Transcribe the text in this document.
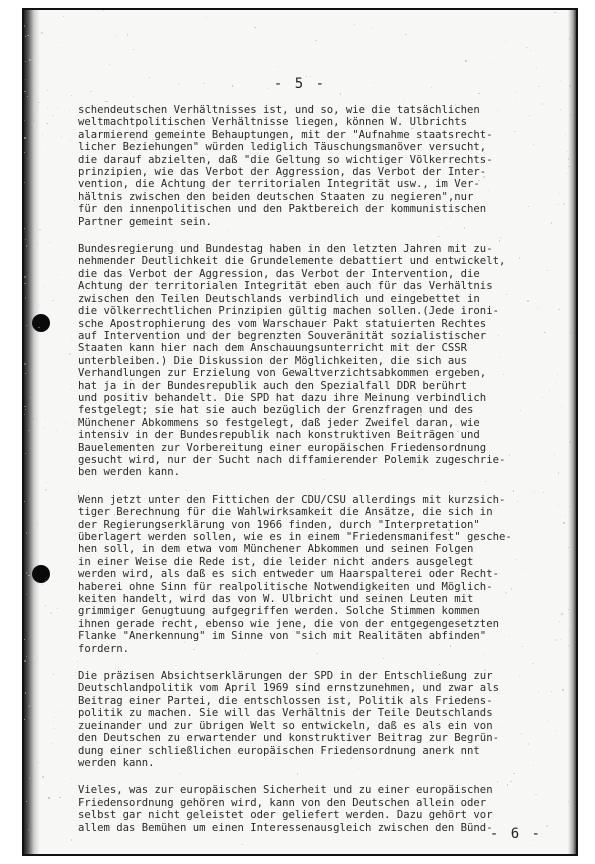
- 5 -

schendeutschen Verhältnisses ist, und so, wie die tatsächlichen
weltmachtpolitischen Verhältnisse liegen, können W. Ulbrichts
alarmierend gemeinte Behauptungen, mit der "Aufnahme staatsrecht-
licher Beziehungen" würden lediglich Täuschungsmanöver versucht,
die darauf abzielten, daß "die Geltung so wichtiger Völkerrechts-
prinzipien, wie das Verbot der Aggression, das Verbot der Inter-
vention, die Achtung der territorialen Integrität usw., im Ver-
hältnis zwischen den beiden deutschen Staaten zu negieren",nur
für den innenpolitischen und den Paktbereich der kommunistischen
Partner gemeint sein.
Bundesregierung und Bundestag haben in den letzten Jahren mit zu-
nehmender Deutlichkeit die Grundelemente debattiert und entwickelt,
die das Verbot der Aggression, das Verbot der Intervention, die
Achtung der territorialen Integrität eben auch für das Verhältnis
zwischen den Teilen Deutschlands verbindlich und eingebettet in
die völkerrechtlichen Prinzipien gültig machen sollen.(Jede ironi-
sche Apostrophierung des vom Warschauer Pakt statuierten Rechtes
auf Intervention und der begrenzten Souveränität sozialistischer
Staaten kann hier nach dem Anschauungsunterricht mit der CSSR
unterbleiben.) Die Diskussion der Möglichkeiten, die sich aus
Verhandlungen zur Erzielung von Gewaltverzichtsabkommen ergeben,
hat ja in der Bundesrepublik auch den Spezialfall DDR berührt
und positiv behandelt. Die SPD hat dazu ihre Meinung verbindlich
festgelegt; sie hat sie auch bezüglich der Grenzfragen und des
Münchener Abkommens so festgelegt, daß jeder Zweifel daran, wie
intensiv in der Bundesrepublik nach konstruktiven Beiträgen und
Bauelementen zur Vorbereitung einer europäischen Friedensordnung
gesucht wird, nur der Sucht nach diffamierender Polemik zugeschrie-
ben werden kann.
Wenn jetzt unter den Fittichen der CDU/CSU allerdings mit kurzsich-
tiger Berechnung für die Wahlwirksamkeit die Ansätze, die sich in
der Regierungserklärung von 1966 finden, durch "Interpretation"
überlagert werden sollen, wie es in einem "Friedensmanifest" gesche-
hen soll, in dem etwa vom Münchener Abkommen und seinen Folgen
in einer Weise die Rede ist, die leider nicht anders ausgelegt
werden wird, als daß es sich entweder um Haarspalterei oder Recht-
haberei ohne Sinn für realpolitische Notwendigkeiten und Möglich-
keiten handelt, wird das von W. Ulbricht und seinen Leuten mit
grimmiger Genugtuung aufgegriffen werden. Solche Stimmen kommen
ihnen gerade recht, ebenso wie jene, die von der entgegengesetzten
Flanke "Anerkennung" im Sinne von "sich mit Realitäten abfinden"
fordern.
Die präzisen Absichtserklärungen der SPD in der Entschließung zur
Deutschlandpolitik vom April 1969 sind ernstzunehmen, und zwar als
Beitrag einer Partei, die entschlossen ist, Politik als Friedens-
politik zu machen. Sie will das Verhältnis der Teile Deutschlands
zueinander und zur übrigen Welt so entwickeln, daß es als ein von
den Deutschen zu erwartender und konstruktiver Beitrag zur Begrün-
dung einer schließlichen europäischen Friedensordnung anerk nnt
werden kann.
Vieles, was zur europäischen Sicherheit und zu einer europäischen
Friedensordnung gehören wird, kann von den Deutschen allein oder
selbst gar nicht geleistet oder geliefert werden. Dazu gehört vor
allem das Bemühen um einen Interessenausgleich zwischen den Bünd-

- 6 -
